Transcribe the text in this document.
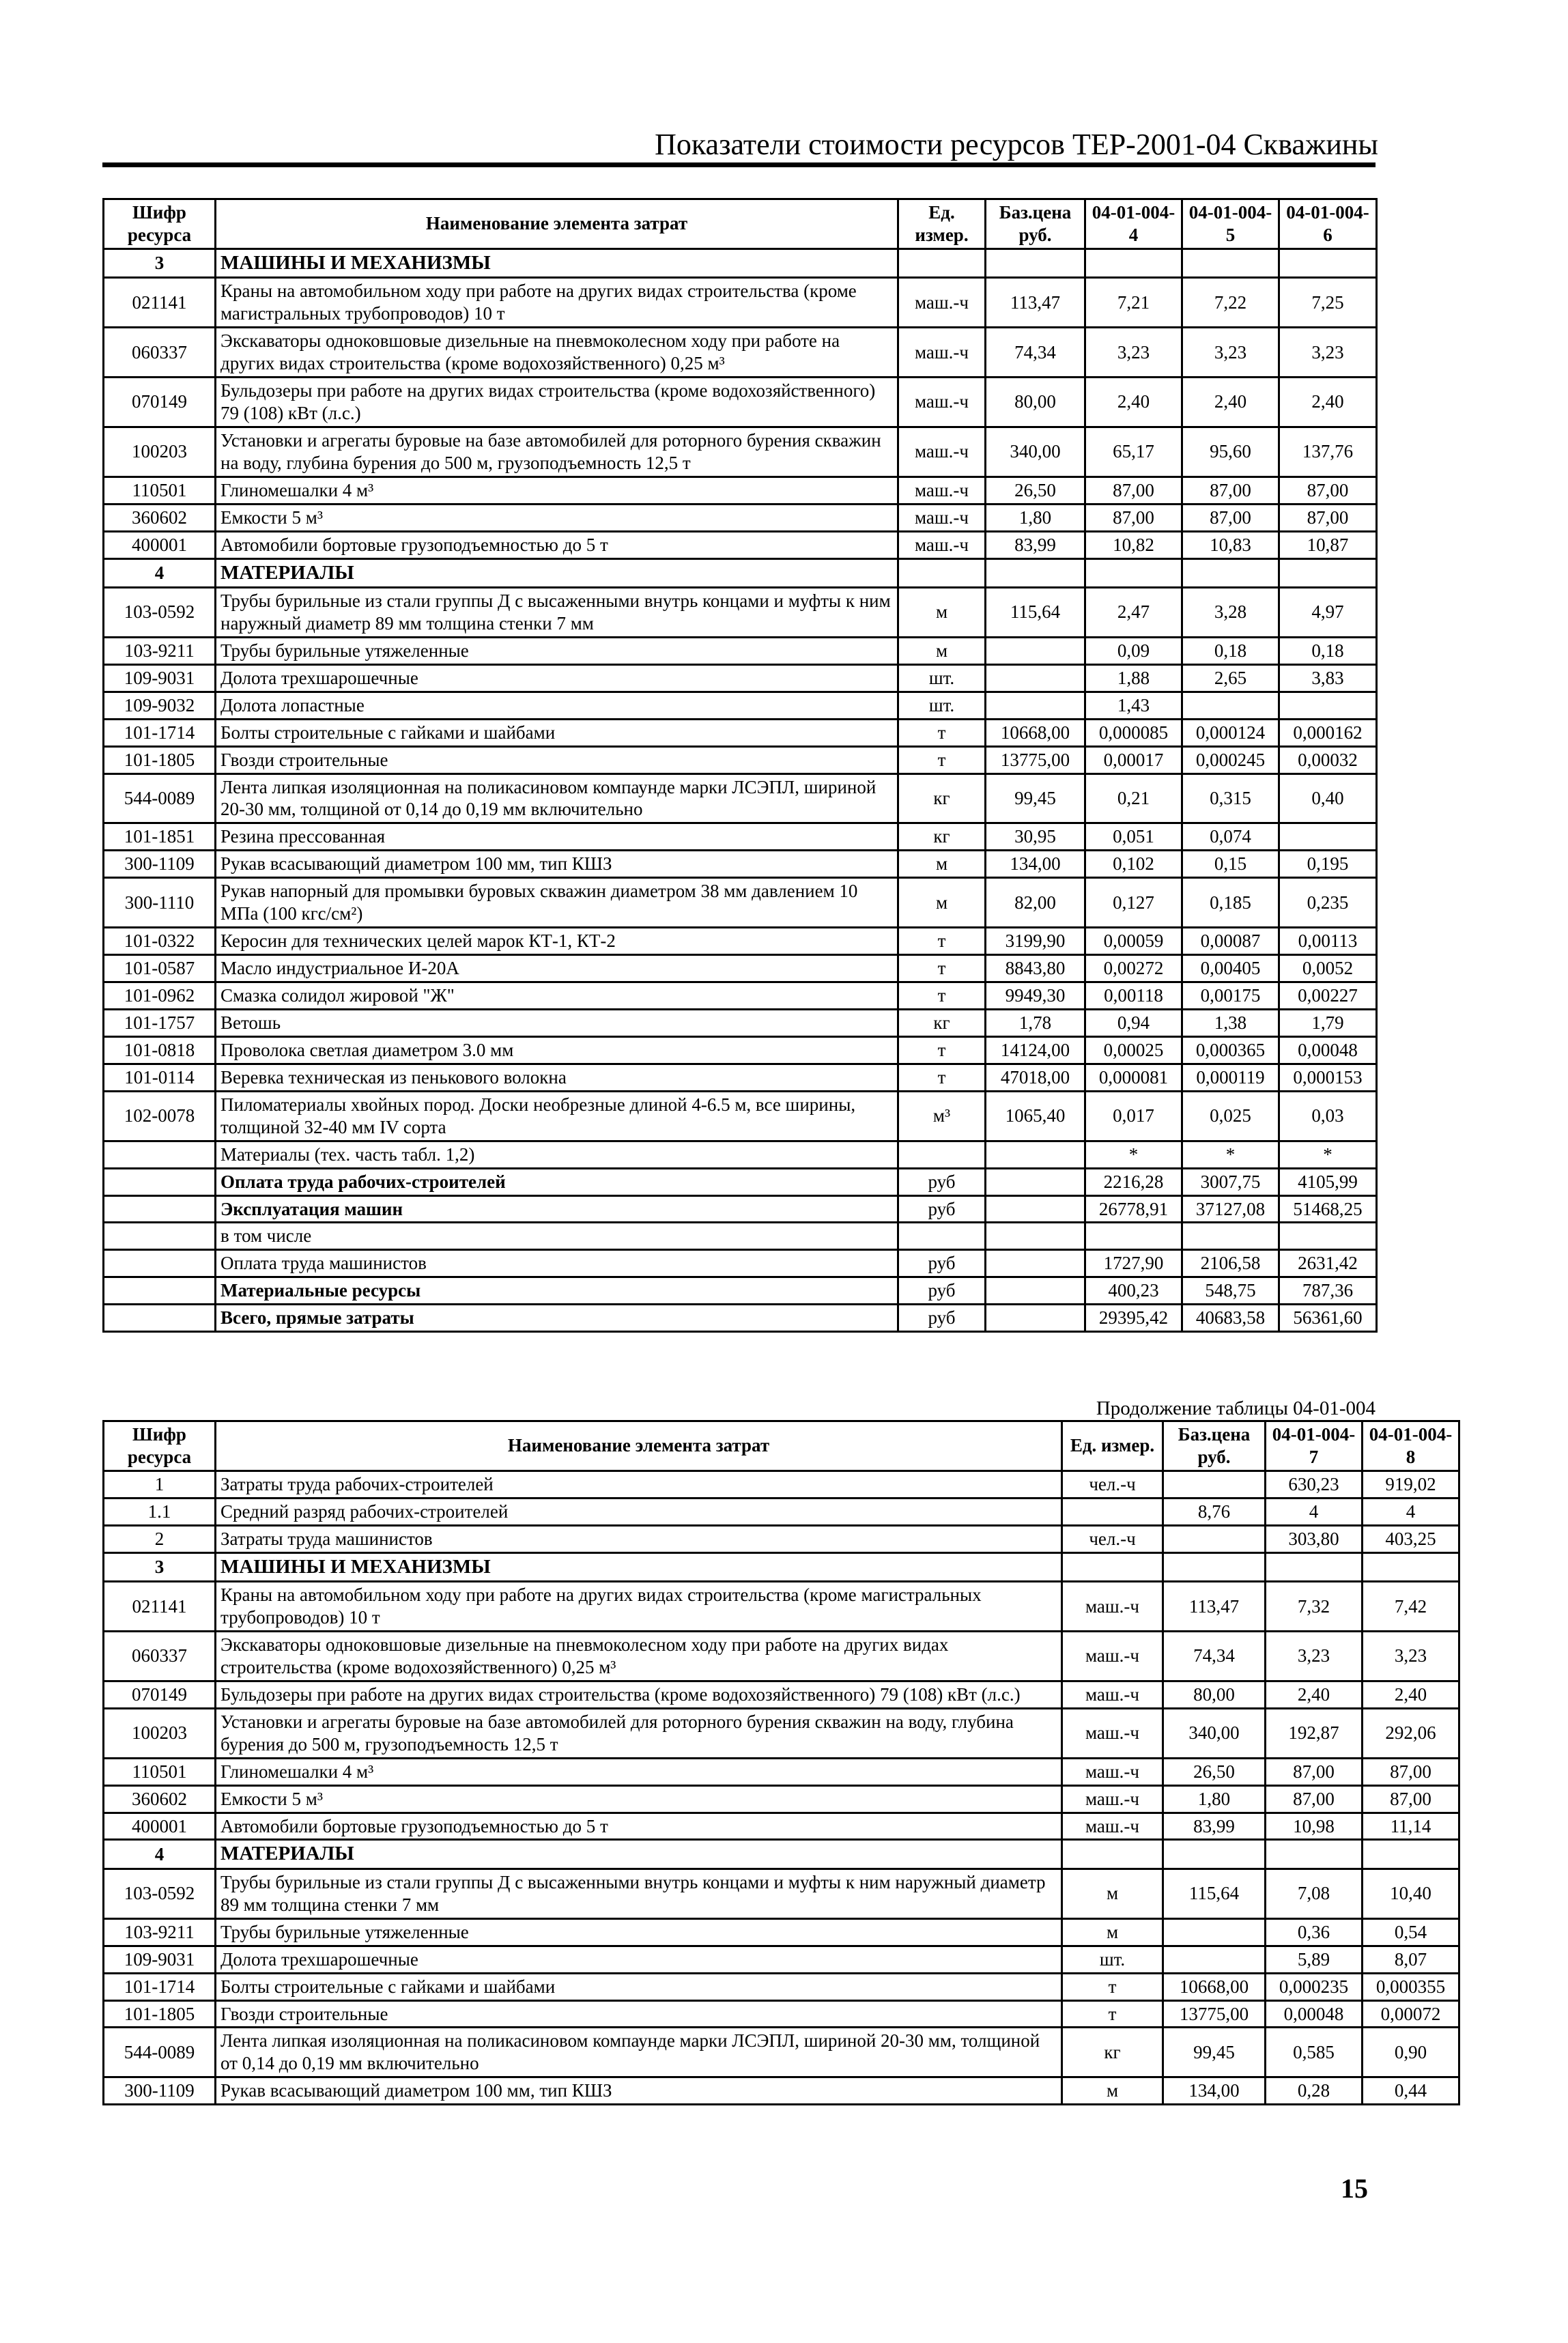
Показатели стоимости ресурсов ТЕР-2001-04 Скважины
Шифр ресурса	Наименование элемента затрат	Ед. измер.	Баз.цена руб.	04-01-004-4	04-01-004-5	04-01-004-6
3	МАШИНЫ И МЕХАНИЗМЫ					
021141	Краны на автомобильном ходу при работе на других видах строительства (кроме магистральных трубопроводов) 10 т	маш.-ч	113,47	7,21	7,22	7,25
060337	Экскаваторы одноковшовые дизельные на пневмоколесном ходу при работе на других видах строительства (кроме водохозяйственного) 0,25 м³	маш.-ч	74,34	3,23	3,23	3,23
070149	Бульдозеры при работе на других видах строительства (кроме водохозяйственного) 79 (108) кВт (л.с.)	маш.-ч	80,00	2,40	2,40	2,40
100203	Установки и агрегаты буровые на базе автомобилей для роторного бурения скважин на воду, глубина бурения до 500 м, грузоподъемность 12,5 т	маш.-ч	340,00	65,17	95,60	137,76
110501	Глиномешалки 4 м³	маш.-ч	26,50	87,00	87,00	87,00
360602	Емкости 5 м³	маш.-ч	1,80	87,00	87,00	87,00
400001	Автомобили бортовые грузоподъемностью до 5 т	маш.-ч	83,99	10,82	10,83	10,87
4	МАТЕРИАЛЫ					
103-0592	Трубы бурильные из стали группы Д с высаженными внутрь концами и муфты к ним наружный диаметр 89 мм толщина стенки 7 мм	м	115,64	2,47	3,28	4,97
103-9211	Трубы бурильные утяжеленные	м		0,09	0,18	0,18
109-9031	Долота трехшарошечные	шт.		1,88	2,65	3,83
109-9032	Долота лопастные	шт.		1,43		
101-1714	Болты строительные с гайками и шайбами	т	10668,00	0,000085	0,000124	0,000162
101-1805	Гвозди строительные	т	13775,00	0,00017	0,000245	0,00032
544-0089	Лента липкая изоляционная на поликасиновом компаунде марки ЛСЭПЛ, шириной 20-30 мм, толщиной от 0,14 до 0,19 мм включительно	кг	99,45	0,21	0,315	0,40
101-1851	Резина прессованная	кг	30,95	0,051	0,074	
300-1109	Рукав всасывающий диаметром 100 мм, тип КШЗ	м	134,00	0,102	0,15	0,195
300-1110	Рукав напорный для промывки буровых скважин диаметром 38 мм давлением 10 МПа (100 кгс/см²)	м	82,00	0,127	0,185	0,235
101-0322	Керосин для технических целей марок КТ-1, КТ-2	т	3199,90	0,00059	0,00087	0,00113
101-0587	Масло индустриальное И-20А	т	8843,80	0,00272	0,00405	0,0052
101-0962	Смазка солидол жировой "Ж"	т	9949,30	0,00118	0,00175	0,00227
101-1757	Ветошь	кг	1,78	0,94	1,38	1,79
101-0818	Проволока светлая диаметром 3.0 мм	т	14124,00	0,00025	0,000365	0,00048
101-0114	Веревка техническая из пенькового волокна	т	47018,00	0,000081	0,000119	0,000153
102-0078	Пиломатериалы хвойных пород. Доски необрезные длиной 4-6.5 м, все ширины, толщиной 32-40 мм IV сорта	м³	1065,40	0,017	0,025	0,03
	Материалы (тех. часть табл. 1,2)			*	*	*
	Оплата труда рабочих-строителей	руб		2216,28	3007,75	4105,99
	Эксплуатация машин	руб		26778,91	37127,08	51468,25
	в том числе					
	Оплата труда машинистов	руб		1727,90	2106,58	2631,42
	Материальные ресурсы	руб		400,23	548,75	787,36
	Всего, прямые затраты	руб		29395,42	40683,58	56361,60
Продолжение таблицы 04-01-004
Шифр ресурса	Наименование элемента затрат	Ед. измер.	Баз.цена руб.	04-01-004-7	04-01-004-8
1	Затраты труда рабочих-строителей	чел.-ч		630,23	919,02
1.1	Средний разряд рабочих-строителей		8,76	4	4
2	Затраты труда машинистов	чел.-ч		303,80	403,25
3	МАШИНЫ И МЕХАНИЗМЫ				
021141	Краны на автомобильном ходу при работе на других видах строительства (кроме магистральных трубопроводов) 10 т	маш.-ч	113,47	7,32	7,42
060337	Экскаваторы одноковшовые дизельные на пневмоколесном ходу при работе на других видах строительства (кроме водохозяйственного) 0,25 м³	маш.-ч	74,34	3,23	3,23
070149	Бульдозеры при работе на других видах строительства (кроме водохозяйственного) 79 (108) кВт (л.с.)	маш.-ч	80,00	2,40	2,40
100203	Установки и агрегаты буровые на базе автомобилей для роторного бурения скважин на воду, глубина бурения до 500 м, грузоподъемность 12,5 т	маш.-ч	340,00	192,87	292,06
110501	Глиномешалки 4 м³	маш.-ч	26,50	87,00	87,00
360602	Емкости 5 м³	маш.-ч	1,80	87,00	87,00
400001	Автомобили бортовые грузоподъемностью до 5 т	маш.-ч	83,99	10,98	11,14
4	МАТЕРИАЛЫ				
103-0592	Трубы бурильные из стали группы Д с высаженными внутрь концами и муфты к ним наружный диаметр 89 мм толщина стенки 7 мм	м	115,64	7,08	10,40
103-9211	Трубы бурильные утяжеленные	м		0,36	0,54
109-9031	Долота трехшарошечные	шт.		5,89	8,07
101-1714	Болты строительные с гайками и шайбами	т	10668,00	0,000235	0,000355
101-1805	Гвозди строительные	т	13775,00	0,00048	0,00072
544-0089	Лента липкая изоляционная на поликасиновом компаунде марки ЛСЭПЛ, шириной 20-30 мм, толщиной от 0,14 до 0,19 мм включительно	кг	99,45	0,585	0,90
300-1109	Рукав всасывающий диаметром 100 мм, тип КШЗ	м	134,00	0,28	0,44
15
